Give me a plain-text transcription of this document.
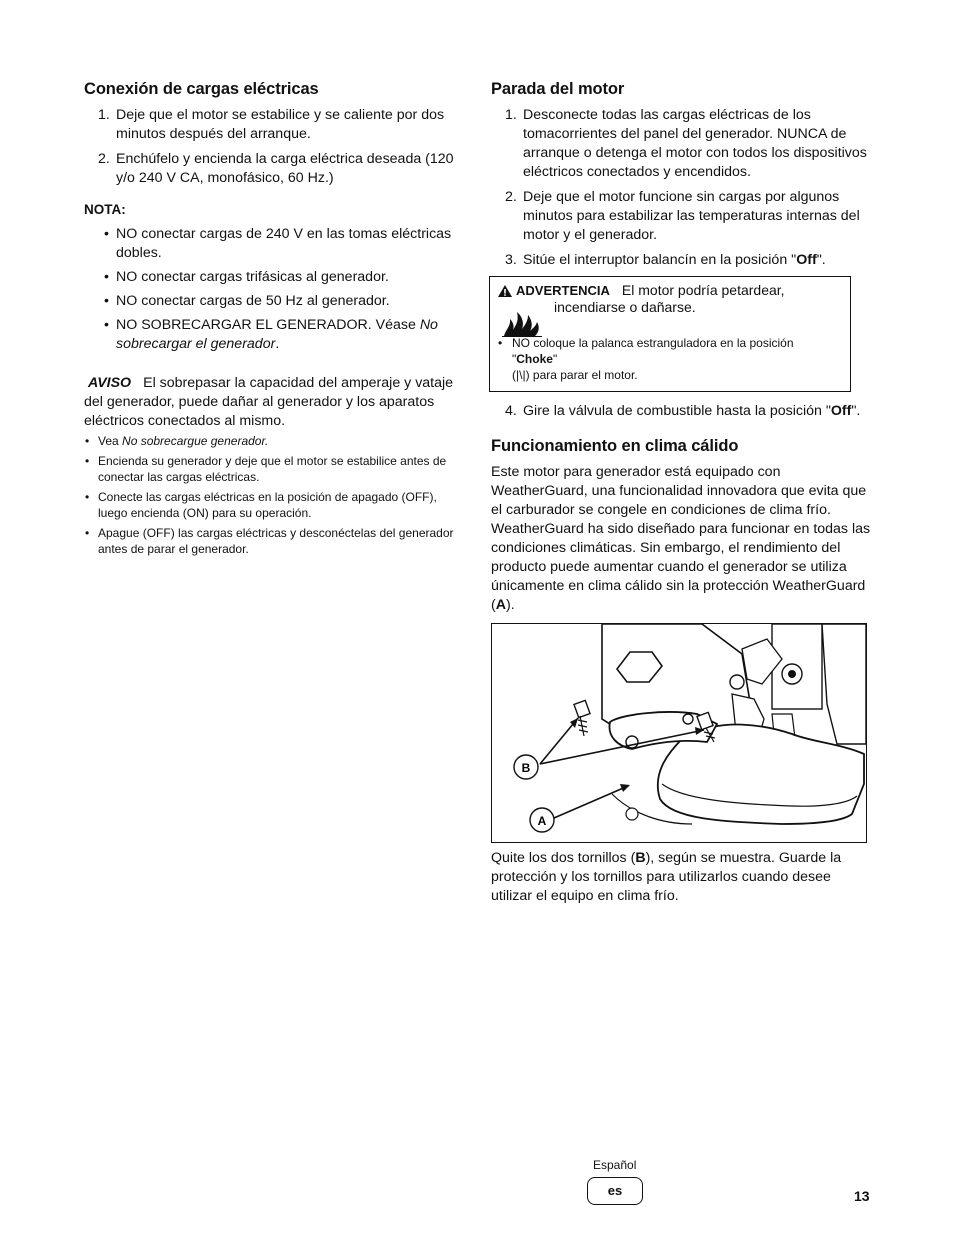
Conexión de cargas eléctricas
1. Deje que el motor se estabilice y se caliente por dos minutos después del arranque.
2. Enchúfelo y encienda la carga eléctrica deseada (120 y/o 240 V CA, monofásico, 60 Hz.)
NOTA:
• NO conectar cargas de 240 V en las tomas eléctricas dobles.
• NO conectar cargas trifásicas al generador.
• NO conectar cargas de 50 Hz al generador.
• NO SOBRECARGAR EL GENERADOR. Véase No sobrecargar el generador.
AVISO El sobrepasar la capacidad del amperaje y vataje del generador, puede dañar al generador y los aparatos eléctricos conectados al mismo.
• Vea No sobrecargue generador.
• Encienda su generador y deje que el motor se estabilice antes de conectar las cargas eléctricas.
• Conecte las cargas eléctricas en la posición de apagado (OFF), luego encienda (ON) para su operación.
• Apague (OFF) las cargas eléctricas y desconéctelas del generador antes de parar el generador.
Parada del motor
1. Desconecte todas las cargas eléctricas de los tomacorrientes del panel del generador. NUNCA de arranque o detenga el motor con todos los dispositivos eléctricos conectados y encendidos.
2. Deje que el motor funcione sin cargas por algunos minutos para estabilizar las temperaturas internas del motor y el generador.
3. Sitúe el interruptor balancín en la posición "Off".
ADVERTENCIA El motor podría petardear,
incendiarse o dañarse.
• NO coloque la palanca estranguladora en la posición "Choke"
(|\|) para parar el motor.
4. Gire la válvula de combustible hasta la posición "Off".
Funcionamiento en clima cálido
Este motor para generador está equipado con WeatherGuard, una funcionalidad innovadora que evita que el carburador se congele en condiciones de clima frío. WeatherGuard ha sido diseñado para funcionar en todas las condiciones climáticas. Sin embargo, el rendimiento del producto puede aumentar cuando el generador se utiliza únicamente en clima cálido sin la protección WeatherGuard (A).
B
A
Quite los dos tornillos (B), según se muestra. Guarde la protección y los tornillos para utilizarlos cuando desee utilizar el equipo en clima frío.
Español
es	13
